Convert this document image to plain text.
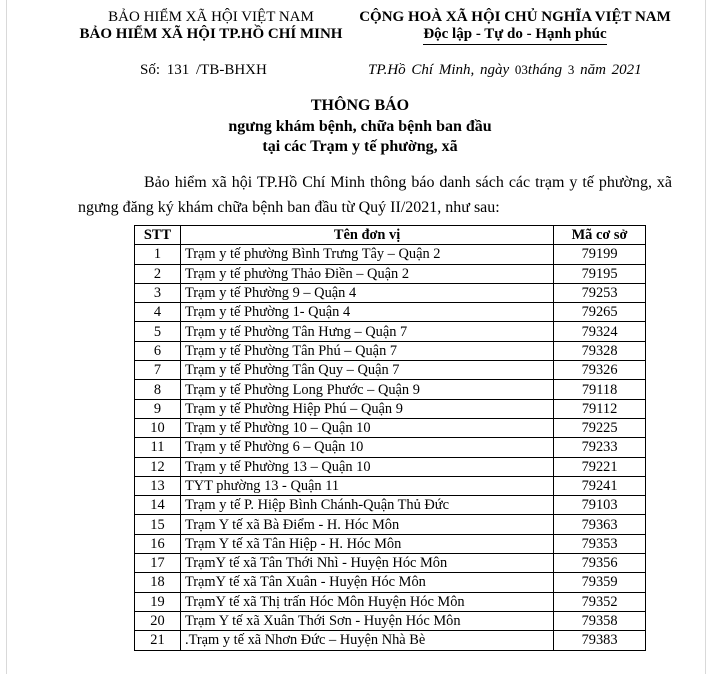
BẢO HIỂM XÃ HỘI VIỆT NAM
BẢO HIỂM XÃ HỘI TP.HỒ CHÍ MINH
CỘNG HOÀ XÃ HỘI CHỦ NGHĨA VIỆT NAM
Độc lập - Tự do - Hạnh phúc
Số: 131 /TB-BHXH	TP.Hồ Chí Minh, ngày 03tháng 3 năm 2021
THÔNG BÁO
ngưng khám bệnh, chữa bệnh ban đầu
tại các Trạm y tế phường, xã
Bảo hiểm xã hội TP.Hồ Chí Minh thông báo danh sách các trạm y tế phường, xã ngưng đăng ký khám chữa bệnh ban đầu từ Quý II/2021, như sau:
STT	Tên đơn vị	Mã cơ sở
1	Trạm y tế phường Bình Trưng Tây – Quận 2	79199
2	Trạm y tế phường Thảo Điền – Quận 2	79195
3	Trạm y tế Phường 9 – Quận 4	79253
4	Trạm y tế Phường 1- Quận 4	79265
5	Trạm y tế Phường Tân Hưng – Quận 7	79324
6	Trạm y tế Phường Tân Phú – Quận 7	79328
7	Trạm y tế Phường Tân Quy – Quận 7	79326
8	Trạm y tế Phường Long Phước – Quận 9	79118
9	Trạm y tế Phường Hiệp Phú – Quận 9	79112
10	Trạm y tế Phường 10 – Quận 10	79225
11	Trạm y tế Phường 6 – Quận 10	79233
12	Trạm y tế Phường 13 – Quận 10	79221
13	TYT phường 13 - Quận 11	79241
14	Trạm y tế P. Hiệp Bình Chánh-Quận Thủ Đức	79103
15	Trạm Y tế xã Bà Điểm - H. Hóc Môn	79363
16	Trạm Y tế xã Tân Hiệp - H. Hóc Môn	79353
17	TrạmY tế xã Tân Thới Nhì - Huyện Hóc Môn	79356
18	TrạmY tế xã Tân Xuân - Huyện Hóc Môn	79359
19	TrạmY tế xã Thị trấn Hóc Môn Huyện Hóc Môn	79352
20	Trạm Y tế xã Xuân Thới Sơn - Huyện Hóc Môn	79358
21	.Trạm y tế xã Nhơn Đức – Huyện Nhà Bè	79383
